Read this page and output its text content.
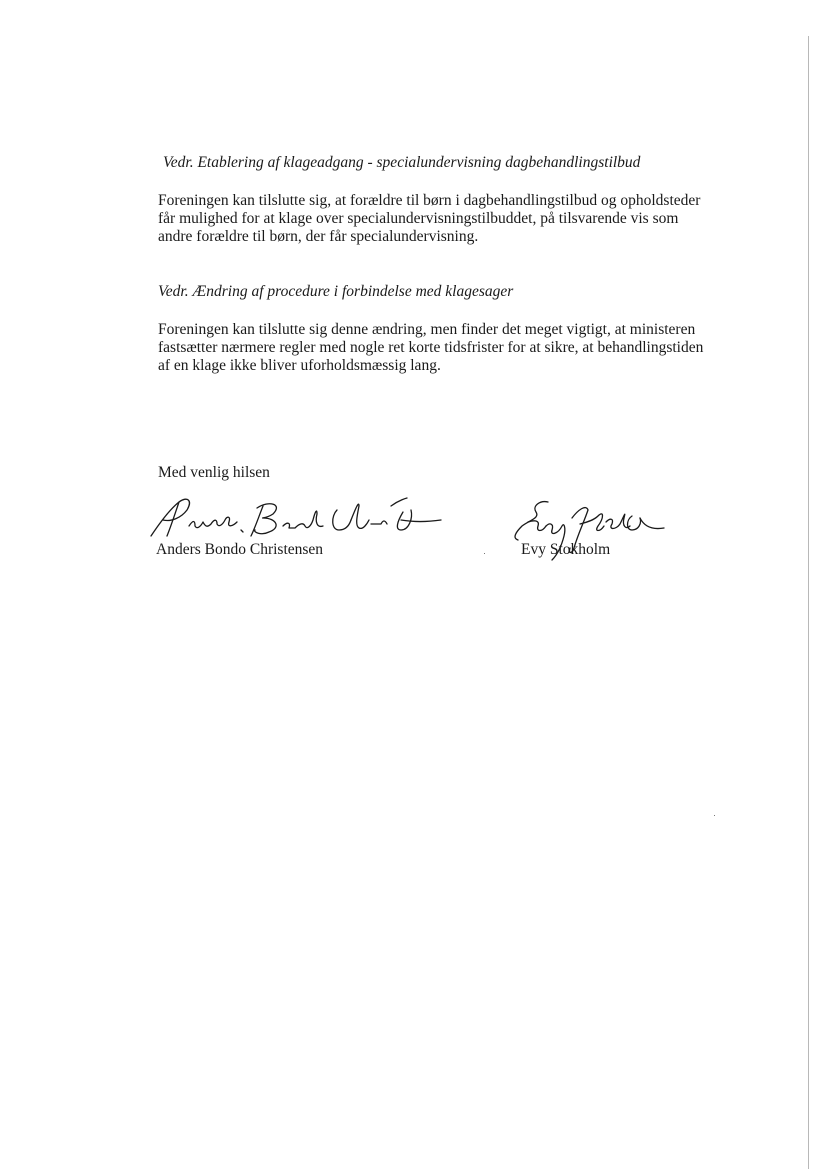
Vedr. Etablering af klageadgang - specialundervisning dagbehandlingstilbud
Foreningen kan tilslutte sig, at forældre til børn i dagbehandlingstilbud og opholdsteder
får mulighed for at klage over specialundervisningstilbuddet, på tilsvarende vis som
andre forældre til børn, der får specialundervisning.
Vedr. Ændring af procedure i forbindelse med klagesager
Foreningen kan tilslutte sig denne ændring, men finder det meget vigtigt, at ministeren
fastsætter nærmere regler med nogle ret korte tidsfrister for at sikre, at behandlingstiden
af en klage ikke bliver uforholdsmæssig lang.
Med venlig hilsen
Anders Bondo Christensen	Evy Stokholm
